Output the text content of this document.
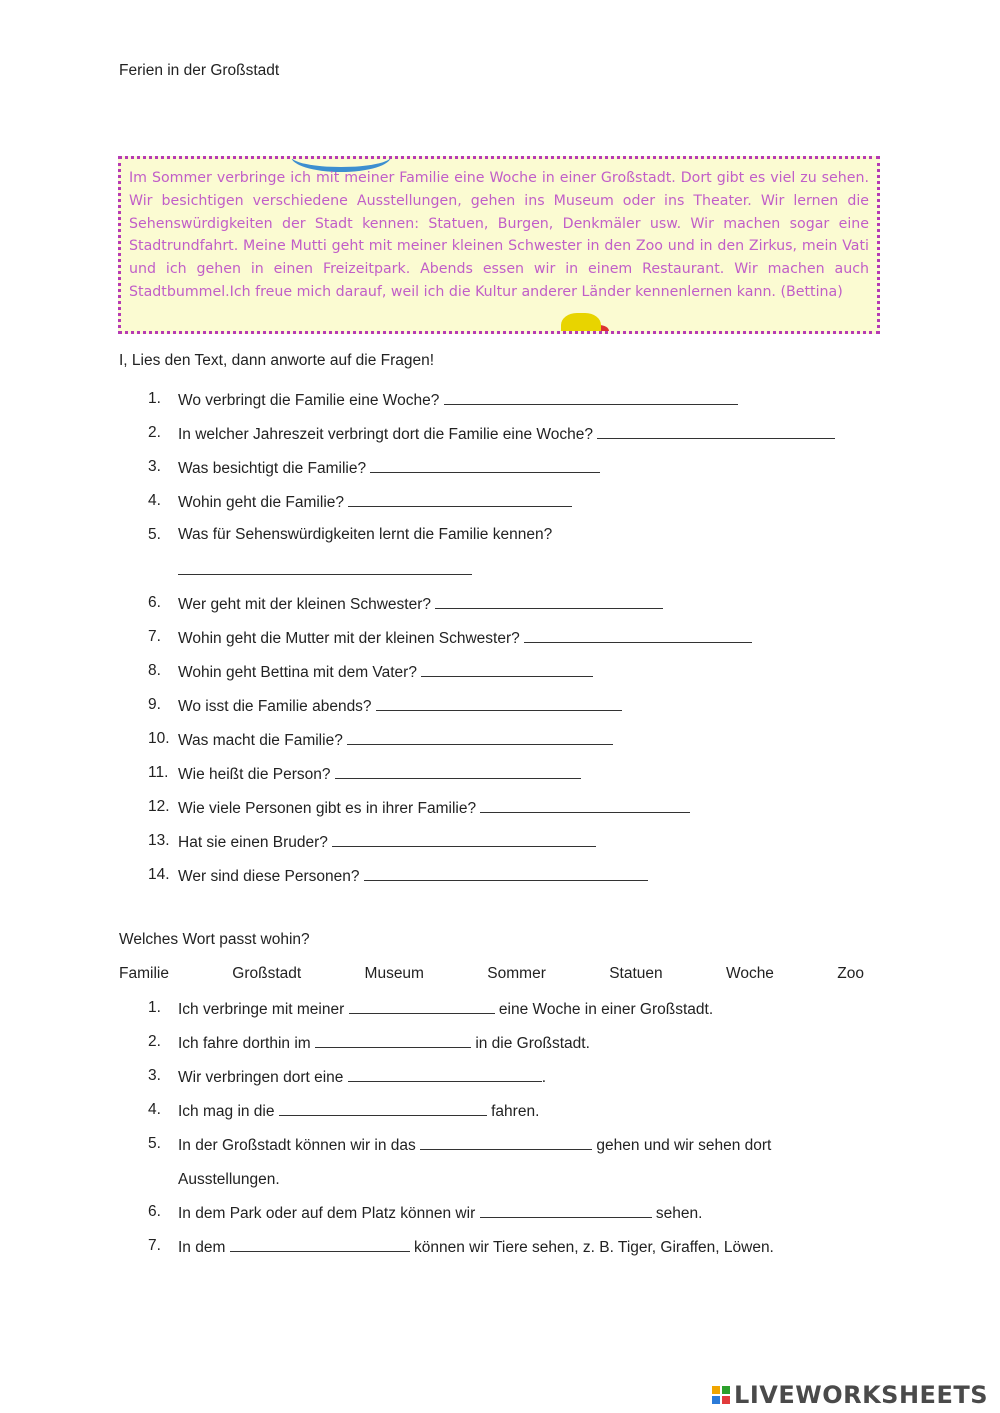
Ferien in der Großstadt

Im Sommer verbringe ich mit meiner Familie eine Woche in einer Großstadt. Dort gibt es viel zu sehen. Wir besichtigen verschiedene Ausstellungen, gehen ins Museum oder ins Theater. Wir lernen die Sehenswürdigkeiten der Stadt kennen: Statuen, Burgen, Denkmäler usw. Wir machen sogar eine Stadtrundfahrt. Meine Mutti geht mit meiner kleinen Schwester in den Zoo und in den Zirkus, mein Vati und ich gehen in einen Freizeitpark. Abends essen wir in einem Restaurant. Wir machen auch Stadtbummel.Ich freue mich darauf, weil ich die Kultur anderer Länder kennenlernen kann. (Bettina)

I, Lies den Text, dann anworte auf die Fragen!
1. Wo verbringt die Familie eine Woche?
2. In welcher Jahreszeit verbringt dort die Familie eine Woche?
3. Was besichtigt die Familie?
4. Wohin geht die Familie?
5. Was für Sehenswürdigkeiten lernt die Familie kennen?

6. Wer geht mit der kleinen Schwester?
7. Wohin geht die Mutter mit der kleinen Schwester?
8. Wohin geht Bettina mit dem Vater?
9. Wo isst die Familie abends?
10. Was macht die Familie?
11. Wie heißt die Person?
12. Wie viele Personen gibt es in ihrer Familie?
13. Hat sie einen Bruder?
14. Wer sind diese Personen?
Welches Wort passt wohin?
Familie	Großstadt	Museum	Sommer	Statuen	Woche	Zoo
1. Ich verbringe mit meiner	eine Woche in einer Großstadt.
2. Ich fahre dorthin im	in die Großstadt.
3. Wir verbringen dort eine	.
4. Ich mag in die	fahren.
5. In der Großstadt können wir in das	gehen und wir sehen dort
Ausstellungen.
6. In dem Park oder auf dem Platz können wir	sehen.
7. In dem	können wir Tiere sehen, z. B. Tiger, Giraffen, Löwen.
LIVEWORKSHEETS
